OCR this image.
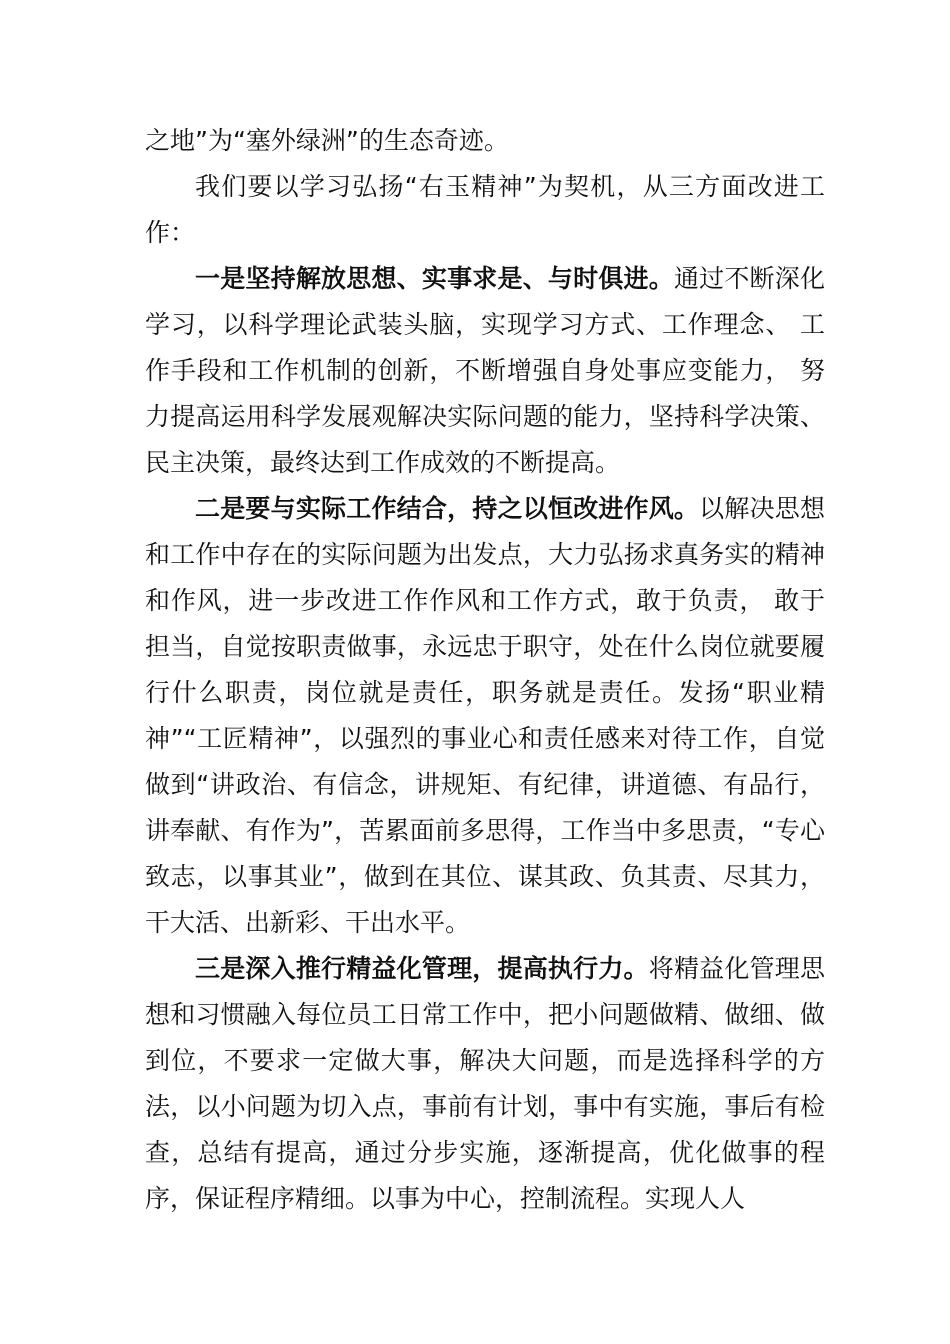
之地”为“塞外绿洲”的生态奇迹。

我们要以学习弘扬“右玉精神”为契机，从三方面改进工作：

一是坚持解放思想、实事求是、与时俱进。通过不断深化学习，以科学理论武装头脑，实现学习方式、工作理念、 工作手段和工作机制的创新，不断增强自身处事应变能力， 努力提高运用科学发展观解决实际问题的能力，坚持科学决策、民主决策，最终达到工作成效的不断提高。

二是要与实际工作结合，持之以恒改进作风。以解决思想和工作中存在的实际问题为出发点，大力弘扬求真务实的精神和作风，进一步改进工作作风和工作方式，敢于负责， 敢于担当，自觉按职责做事，永远忠于职守，处在什么岗位就要履行什么职责，岗位就是责任，职务就是责任。发扬“职业精神”“工匠精神”，以强烈的事业心和责任感来对待工作，自觉做到“讲政治、有信念，讲规矩、有纪律，讲道德、有品行，讲奉献、有作为”，苦累面前多思得，工作当中多思责，“专心致志，以事其业”，做到在其位、谋其政、负其责、尽其力，干大活、出新彩、干出水平。

三是深入推行精益化管理，提高执行力。将精益化管理思想和习惯融入每位员工日常工作中，把小问题做精、做细、做到位，不要求一定做大事，解决大问题，而是选择科学的方法，以小问题为切入点，事前有计划，事中有实施，事后有检查，总结有提高，通过分步实施，逐渐提高，优化做事的程序，保证程序精细。以事为中心，控制流程。实现人人
